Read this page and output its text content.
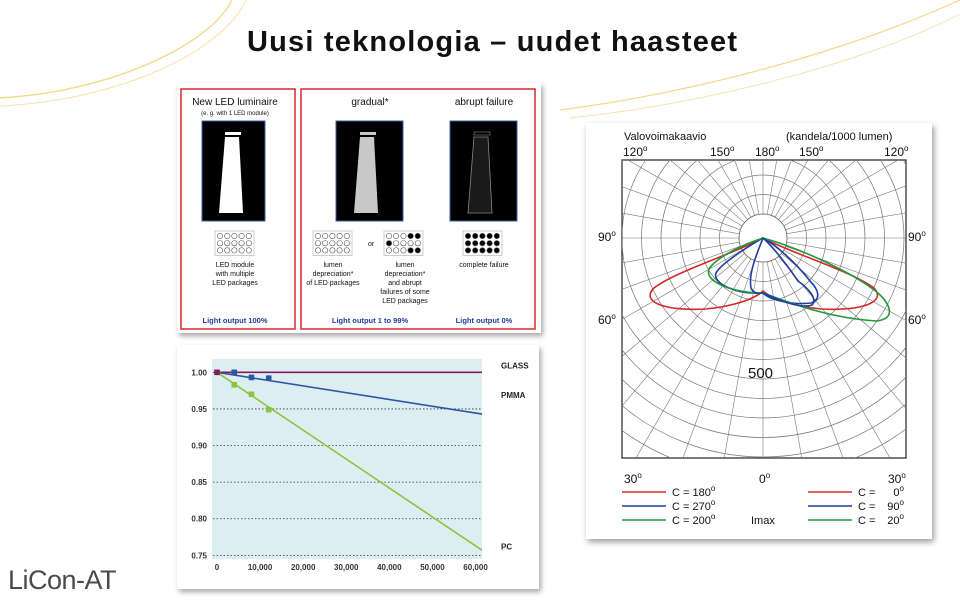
Uusi teknologia – uudet haasteet
LiCon-AT
New LED luminaire
(e. g. with 1 LED module)
gradual*	abrupt failure
or
LED module
with multiple
LED packages
lumen
depreciation*
of LED packages
lumen
depreciation*
and abrupt
failures of some
LED packages
complete failure
Light output 100%	Light output 1 to 99%	Light output 0%
1.00
0.95
0.90
0.85
0.80
0.75
0	10,000 20,000 30,000 40,000 50,000 60,000
GLASS
PMMA
PC
Valovoimakaavio	(kandela/1000 lumen)
120$^o$	150$^o$ 180$^o$ 150$^o$	120$^o$
90$^o$	90$^o$
60$^o$	60$^o$
30$^o$	0$^o$	30$^o$
500
$C = 180^o$
$C = 270^o$
$C = 200^o$
$C = 0^o$
$C = 90^o$
$C = 20^o$
Imax
